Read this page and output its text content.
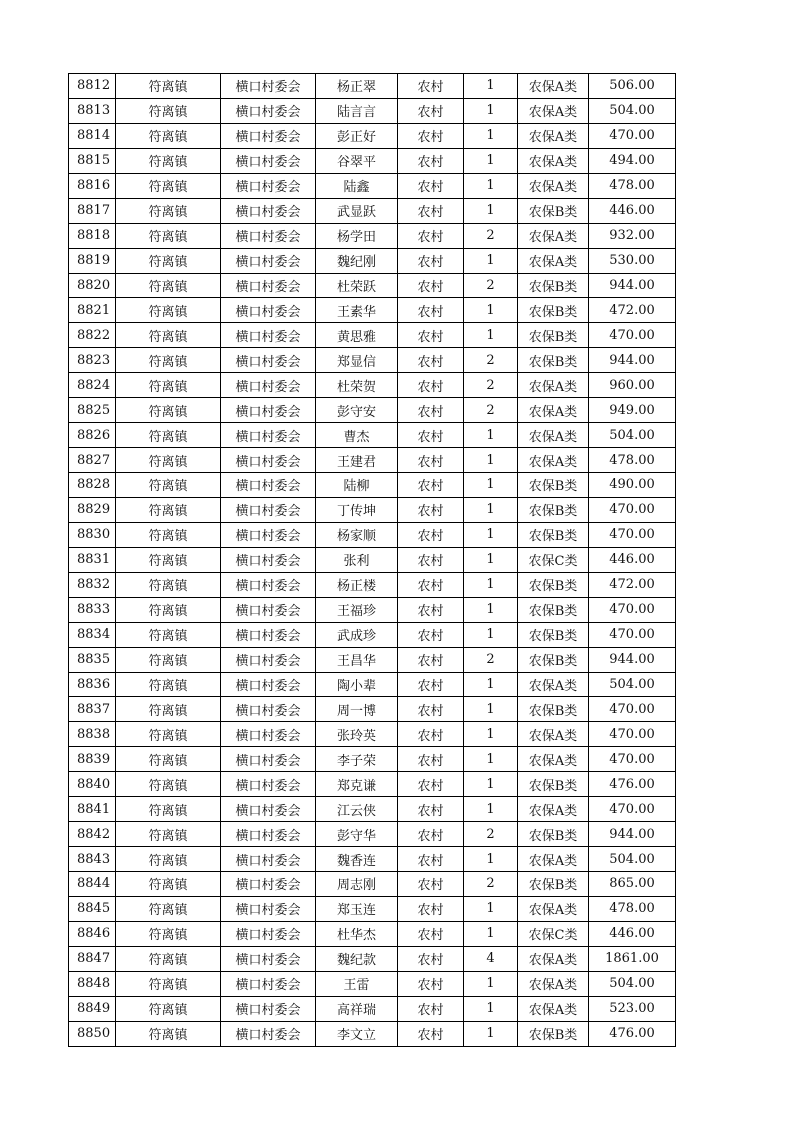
8812	符离镇	横口村委会	杨正翠	农村	1	农保A类	506.00
8813	符离镇	横口村委会	陆言言	农村	1	农保A类	504.00
8814	符离镇	横口村委会	彭正好	农村	1	农保A类	470.00
8815	符离镇	横口村委会	谷翠平	农村	1	农保A类	494.00
8816	符离镇	横口村委会	陆鑫	农村	1	农保A类	478.00
8817	符离镇	横口村委会	武显跃	农村	1	农保B类	446.00
8818	符离镇	横口村委会	杨学田	农村	2	农保A类	932.00
8819	符离镇	横口村委会	魏纪刚	农村	1	农保A类	530.00
8820	符离镇	横口村委会	杜荣跃	农村	2	农保B类	944.00
8821	符离镇	横口村委会	王素华	农村	1	农保B类	472.00
8822	符离镇	横口村委会	黄思雅	农村	1	农保B类	470.00
8823	符离镇	横口村委会	郑显信	农村	2	农保B类	944.00
8824	符离镇	横口村委会	杜荣贺	农村	2	农保A类	960.00
8825	符离镇	横口村委会	彭守安	农村	2	农保A类	949.00
8826	符离镇	横口村委会	曹杰	农村	1	农保A类	504.00
8827	符离镇	横口村委会	王建君	农村	1	农保A类	478.00
8828	符离镇	横口村委会	陆柳	农村	1	农保B类	490.00
8829	符离镇	横口村委会	丁传坤	农村	1	农保B类	470.00
8830	符离镇	横口村委会	杨家顺	农村	1	农保B类	470.00
8831	符离镇	横口村委会	张利	农村	1	农保C类	446.00
8832	符离镇	横口村委会	杨正楼	农村	1	农保B类	472.00
8833	符离镇	横口村委会	王福珍	农村	1	农保B类	470.00
8834	符离镇	横口村委会	武成珍	农村	1	农保B类	470.00
8835	符离镇	横口村委会	王昌华	农村	2	农保B类	944.00
8836	符离镇	横口村委会	陶小辈	农村	1	农保A类	504.00
8837	符离镇	横口村委会	周一博	农村	1	农保B类	470.00
8838	符离镇	横口村委会	张玲英	农村	1	农保A类	470.00
8839	符离镇	横口村委会	李子荣	农村	1	农保A类	470.00
8840	符离镇	横口村委会	郑克谦	农村	1	农保B类	476.00
8841	符离镇	横口村委会	江云侠	农村	1	农保A类	470.00
8842	符离镇	横口村委会	彭守华	农村	2	农保B类	944.00
8843	符离镇	横口村委会	魏香连	农村	1	农保A类	504.00
8844	符离镇	横口村委会	周志刚	农村	2	农保B类	865.00
8845	符离镇	横口村委会	郑玉连	农村	1	农保A类	478.00
8846	符离镇	横口村委会	杜华杰	农村	1	农保C类	446.00
8847	符离镇	横口村委会	魏纪款	农村	4	农保A类	1861.00
8848	符离镇	横口村委会	王雷	农村	1	农保A类	504.00
8849	符离镇	横口村委会	高祥瑞	农村	1	农保A类	523.00
8850	符离镇	横口村委会	李文立	农村	1	农保B类	476.00
